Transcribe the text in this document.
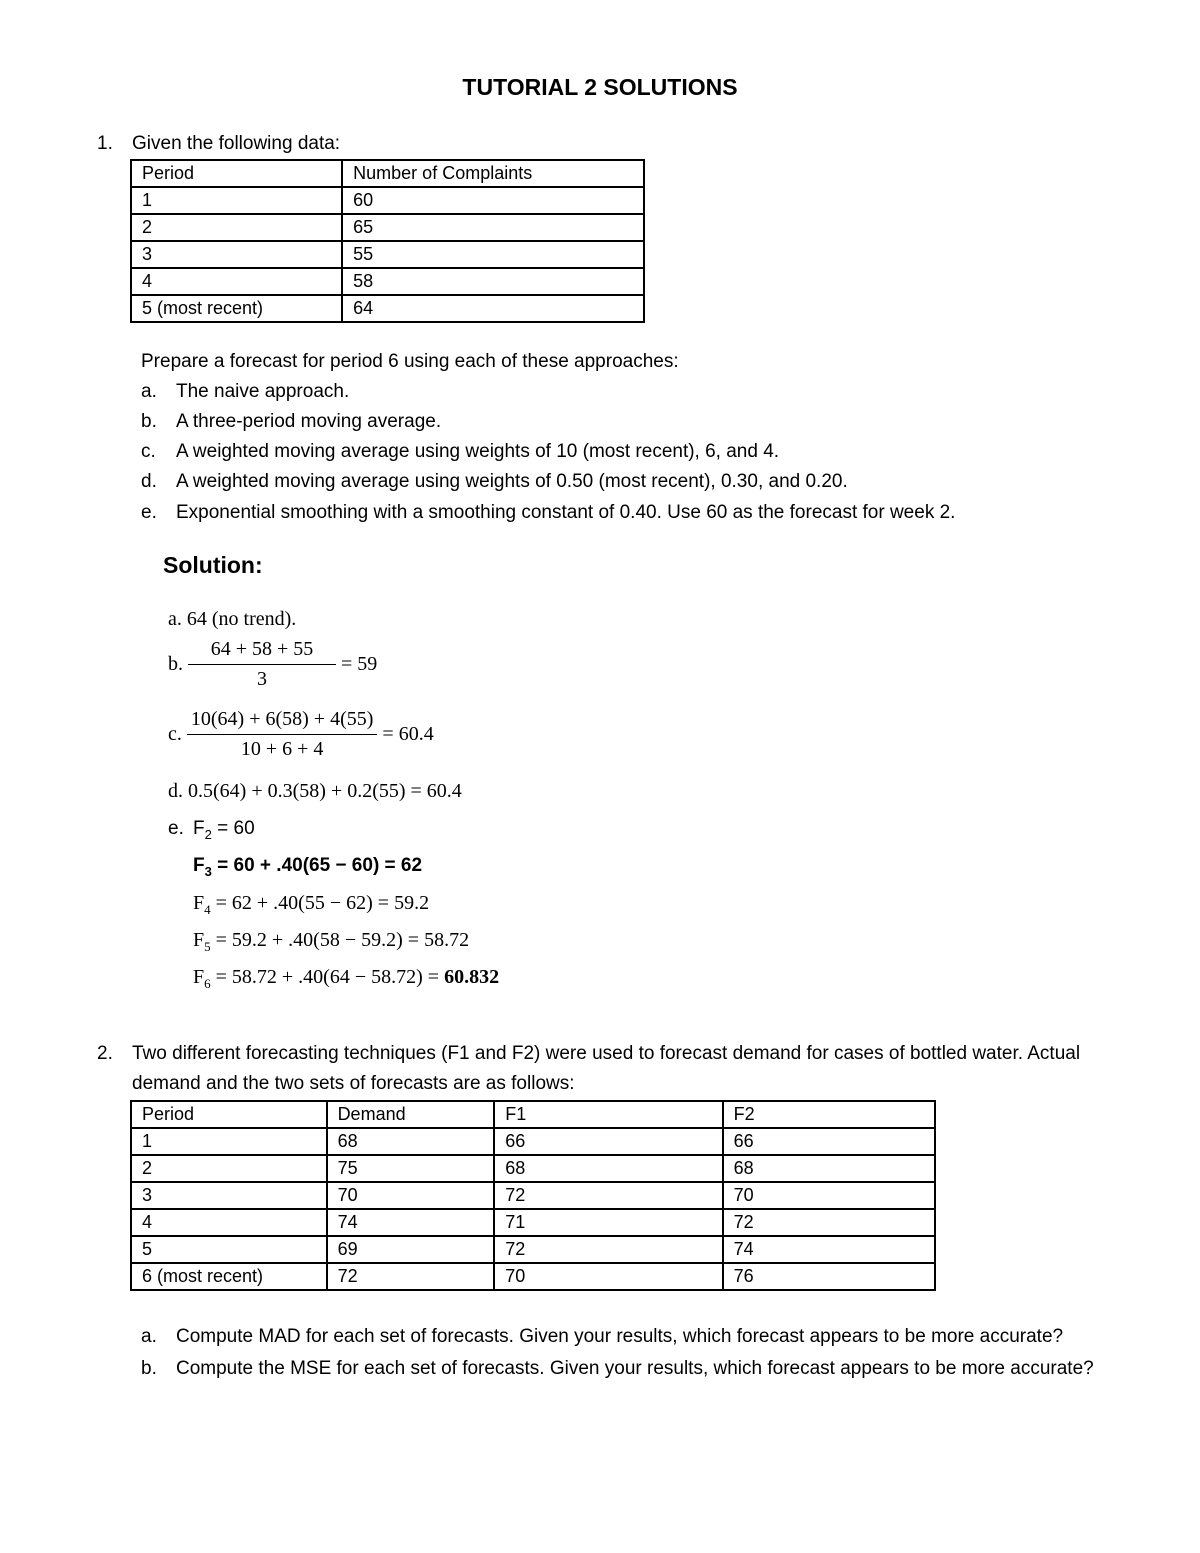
TUTORIAL 2 SOLUTIONS
1. Given the following data:
Period	Number of Complaints
1	60
2	65
3	55
4	58
5 (most recent)	64
Prepare a forecast for period 6 using each of these approaches:
a. The naive approach.
b. A three-period moving average.
c. A weighted moving average using weights of 10 (most recent), 6, and 4.
d. A weighted moving average using weights of 0.50 (most recent), 0.30, and 0.20.
e. Exponential smoothing with a smoothing constant of 0.40. Use 60 as the forecast for week 2.
Solution:
a. 64 (no trend).
b. $\frac{64 + 58 + 55}{3} = 59$
c. $\frac{10(64) + 6(58) + 4(55)}{10 + 6 + 4} = 60.4$
d. 0.5(64) + 0.3(58) + 0.2(55) = 60.4
e. $F_2 = 60$
$F_3 = 60 + .40(65 - 60) = 62$
$F_4 = 62 + .40(55 - 62) = 59.2$
$F_5 = 59.2 + .40(58 - 59.2) = 58.72$
$F_6 = 58.72 + .40(64 - 58.72) = 60.832$
2. Two different forecasting techniques (F1 and F2) were used to forecast demand for cases of bottled water. Actual
demand and the two sets of forecasts are as follows:
Period	Demand	F1	F2
1	68	66	66
2	75	68	68
3	70	72	70
4	74	71	72
5	69	72	74
6 (most recent)	72	70	76
a. Compute MAD for each set of forecasts. Given your results, which forecast appears to be more accurate?
b. Compute the MSE for each set of forecasts. Given your results, which forecast appears to be more accurate?
